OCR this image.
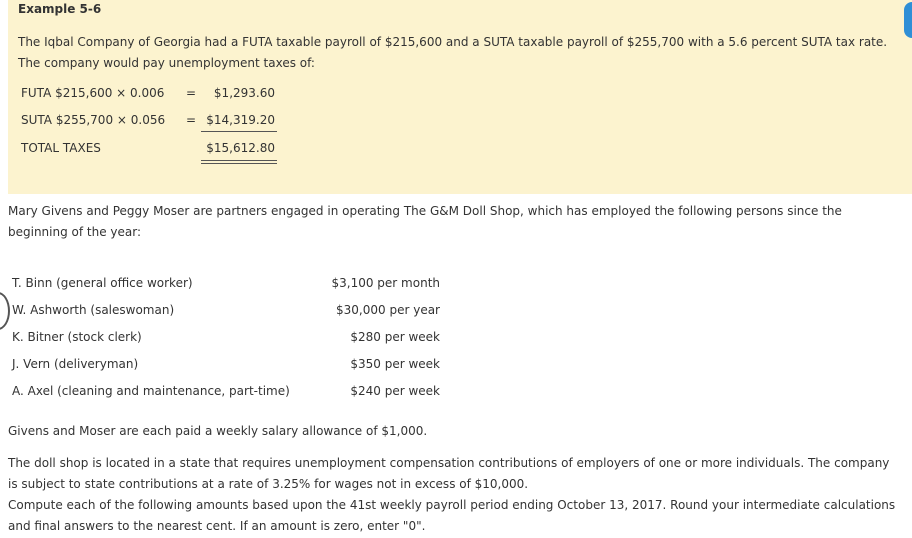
Example 5-6
The Iqbal Company of Georgia had a FUTA taxable payroll of $215,600 and a SUTA taxable payroll of $255,700 with a 5.6 percent SUTA tax rate.
The company would pay unemployment taxes of:
FUTA $215,600 × 0.006 =	$1,293.60
SUTA $255,700 × 0.056 = $14,319.20
TOTAL TAXES	$15,612.80
Mary Givens and Peggy Moser are partners engaged in operating The G&M Doll Shop, which has employed the following persons since the
beginning of the year:
T. Binn (general office worker)	$3,100 per month
W. Ashworth (saleswoman)	$30,000 per year
K. Bitner (stock clerk)	$280 per week
J. Vern (deliveryman)	$350 per week
A. Axel (cleaning and maintenance, part-time)	$240 per week
Givens and Moser are each paid a weekly salary allowance of $1,000.
The doll shop is located in a state that requires unemployment compensation contributions of employers of one or more individuals. The company
is subject to state contributions at a rate of 3.25% for wages not in excess of $10,000.
Compute each of the following amounts based upon the 41st weekly payroll period ending October 13, 2017. Round your intermediate calculations
and final answers to the nearest cent. If an amount is zero, enter "0".
